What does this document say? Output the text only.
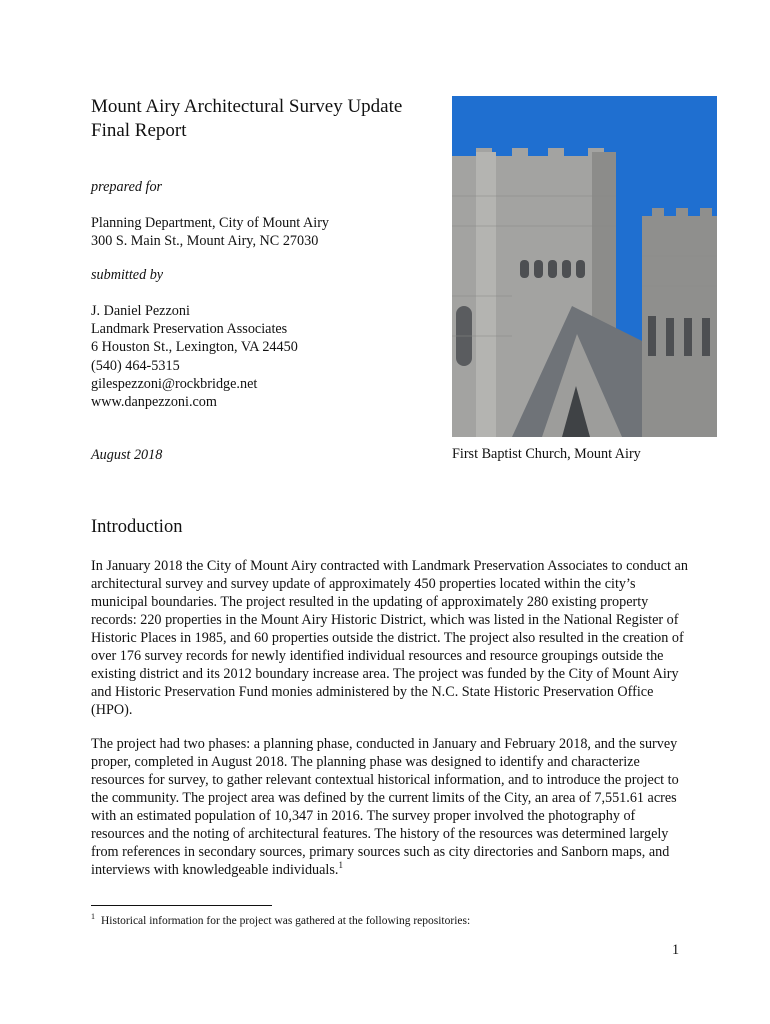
Mount Airy Architectural Survey Update
Final Report
prepared for
Planning Department, City of Mount Airy
300 S. Main St., Mount Airy, NC 27030
submitted by
J. Daniel Pezzoni
Landmark Preservation Associates
6 Houston St., Lexington, VA 24450
(540) 464-5315
gilespezzoni@rockbridge.net
www.danpezzoni.com
August 2018	First Baptist Church, Mount Airy
Introduction

In January 2018 the City of Mount Airy contracted with Landmark Preservation Associates to conduct an architectural survey and survey update of approximately 450 properties located within the city’s municipal boundaries. The project resulted in the updating of approximately 280 existing property records: 220 properties in the Mount Airy Historic District, which was listed in the National Register of Historic Places in 1985, and 60 properties outside the district. The project also resulted in the creation of over 176 survey records for newly identified individual resources and resource groupings outside the existing district and its 2012 boundary increase area. The project was funded by the City of Mount Airy and Historic Preservation Fund monies administered by the N.C. State Historic Preservation Office (HPO).

The project had two phases: a planning phase, conducted in January and February 2018, and the survey proper, completed in August 2018. The planning phase was designed to identify and characterize resources for survey, to gather relevant contextual historical information, and to introduce the project to the community. The project area was defined by the current limits of the City, an area of 7,551.61 acres with an estimated population of 10,347 in 2016. The survey proper involved the photography of resources and the noting of architectural features. The history of the resources was determined largely from references in secondary sources, primary sources such as city directories and Sanborn maps, and interviews with knowledgeable individuals.$^1$

$^1$ Historical information for the project was gathered at the following repositories:
1
